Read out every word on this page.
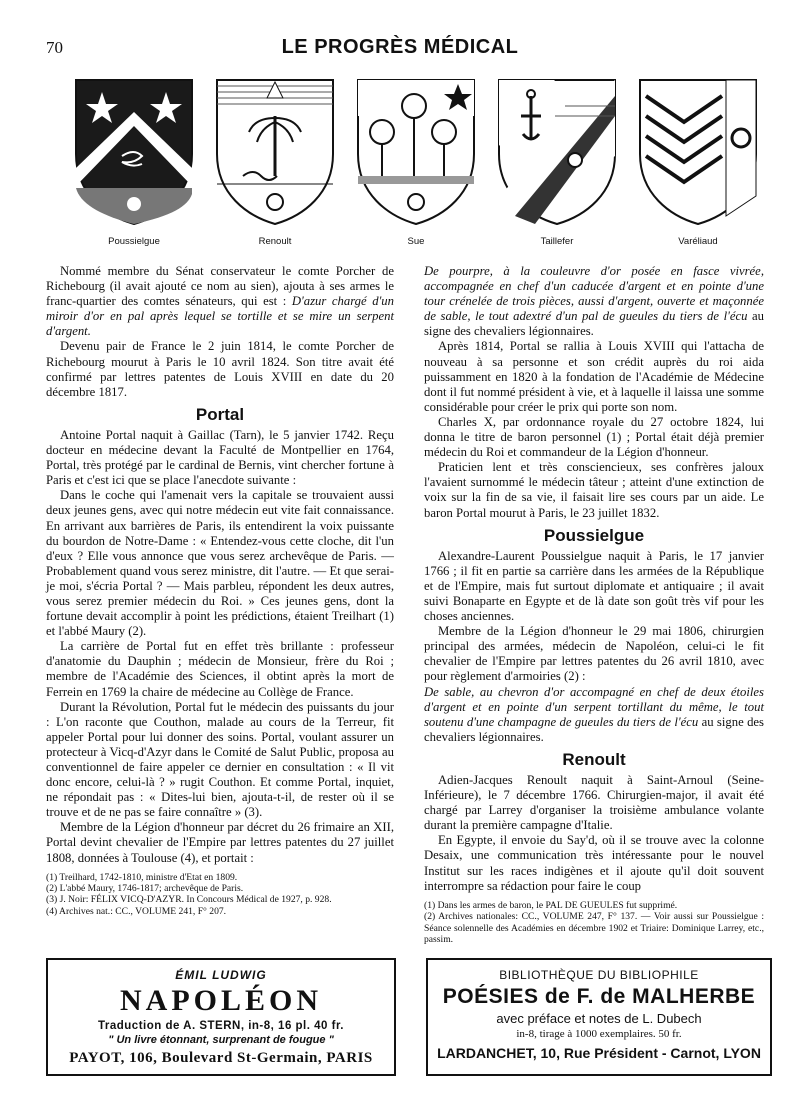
70	LE PROGRÈS MÉDICAL
Poussielgue	Renoult	Sue	Taillefer	Varéliaud

Nommé membre du Sénat conservateur le comte Porcher de Richebourg (il avait ajouté ce nom au sien), ajouta à ses armes le franc-quartier des comtes sénateurs, qui est : D'azur chargé d'un miroir d'or en pal après lequel se tortille et se mire un serpent d'argent.

Devenu pair de France le 2 juin 1814, le comte Porcher de Richebourg mourut à Paris le 10 avril 1824. Son titre avait été confirmé par lettres patentes de Louis XVIII en date du 20 décembre 1817.

Portal

Antoine Portal naquit à Gaillac (Tarn), le 5 janvier 1742. Reçu docteur en médecine devant la Faculté de Montpellier en 1764, Portal, très protégé par le cardinal de Bernis, vint chercher fortune à Paris et c'est ici que se place l'anecdote suivante :

Dans le coche qui l'amenait vers la capitale se trouvaient aussi deux jeunes gens, avec qui notre médecin eut vite fait connaissance. En arrivant aux barrières de Paris, ils entendirent la voix puissante du bourdon de Notre-Dame : « Entendez-vous cette cloche, dit l'un d'eux ? Elle vous annonce que vous serez archevêque de Paris. — Probablement quand vous serez ministre, dit l'autre. — Et que serai-je moi, s'écria Portal ? — Mais parbleu, répondent les deux autres, vous serez premier médecin du Roi. » Ces jeunes gens, dont la fortune devait accomplir à point les prédictions, étaient Treilhart (1) et l'abbé Maury (2).

La carrière de Portal fut en effet très brillante : professeur d'anatomie du Dauphin ; médecin de Monsieur, frère du Roi ; membre de l'Académie des Sciences, il obtint après la mort de Ferrein en 1769 la chaire de médecine au Collège de France.

Durant la Révolution, Portal fut le médecin des puissants du jour : L'on raconte que Couthon, malade au cours de la Terreur, fit appeler Portal pour lui donner des soins. Portal, voulant assurer un protecteur à Vicq-d'Azyr dans le Comité de Salut Public, proposa au conventionnel de faire appeler ce dernier en consultation : « Il vit donc encore, celui-là ? » rugit Couthon. Et comme Portal, inquiet, ne répondait pas : « Dites-lui bien, ajouta-t-il, de rester où il se trouve et de ne pas se faire connaître » (3).

Membre de la Légion d'honneur par décret du 26 frimaire an XII, Portal devint chevalier de l'Empire par lettres patentes du 27 juillet 1808, données à Toulouse (4), et portait :

(1) Treilhard, 1742-1810, ministre d'Etat en 1809.
(2) L'abbé Maury, 1746-1817; archevêque de Paris.
(3) J. Noir: FÉLIX VICQ-D'AZYR. In Concours Médical de 1927, p. 928.
(4) Archives nat.: CC., VOLUME 241, F° 207.

De pourpre, à la couleuvre d'or posée en fasce vivrée, accompagnée en chef d'un caducée d'argent et en pointe d'une tour crénelée de trois pièces, aussi d'argent, ouverte et maçonnée de sable, le tout adextré d'un pal de gueules du tiers de l'écu au signe des chevaliers légionnaires.

Après 1814, Portal se rallia à Louis XVIII qui l'attacha de nouveau à sa personne et son crédit auprès du roi aida puissamment en 1820 à la fondation de l'Académie de Médecine dont il fut nommé président à vie, et à laquelle il laissa une somme considérable pour créer le prix qui porte son nom.

Charles X, par ordonnance royale du 27 octobre 1824, lui donna le titre de baron personnel (1) ; Portal était déjà premier médecin du Roi et commandeur de la Légion d'honneur.

Praticien lent et très consciencieux, ses confrères jaloux l'avaient surnommé le médecin tâteur ; atteint d'une extinction de voix sur la fin de sa vie, il faisait lire ses cours par un aide. Le baron Portal mourut à Paris, le 23 juillet 1832.

Poussielgue

Alexandre-Laurent Poussielgue naquit à Paris, le 17 janvier 1766 ; il fit en partie sa carrière dans les armées de la République et de l'Empire, mais fut surtout diplomate et antiquaire ; il avait suivi Bonaparte en Egypte et de là date son goût très vif pour les choses anciennes.

Membre de la Légion d'honneur le 29 mai 1806, chirurgien principal des armées, médecin de Napoléon, celui-ci le fit chevalier de l'Empire par lettres patentes du 26 avril 1810, avec pour règlement d'armoiries (2) :

De sable, au chevron d'or accompagné en chef de deux étoiles d'argent et en pointe d'un serpent tortillant du même, le tout soutenu d'une champagne de gueules du tiers de l'écu au signe des chevaliers légionnaires.

Renoult

Adien-Jacques Renoult naquit à Saint-Arnoul (Seine-Inférieure), le 7 décembre 1766. Chirurgien-major, il avait été chargé par Larrey d'organiser la troisième ambulance volante durant la première campagne d'Italie.

En Egypte, il envoie du Say'd, où il se trouve avec la colonne Desaix, une communication très intéressante pour le nouvel Institut sur les races indigènes et il ajoute qu'il doit souvent interrompre sa rédaction pour faire le coup

(1) Dans les armes de baron, le PAL DE GUEULES fut supprimé.
(2) Archives nationales: CC., VOLUME 247, F° 137. — Voir aussi sur Poussielgue : Séance solennelle des Académies en décembre 1902 et Triaire: Dominique Larrey, etc., passim.
ÉMIL LUDWIG
NAPOLÉON
Traduction de A. STERN, in-8, 16 pl. 40 fr.
" Un livre étonnant, surprenant de fougue "
PAYOT, 106, Boulevard St-Germain, PARIS
BIBLIOTHÈQUE DU BIBLIOPHILE
POÉSIES de F. de MALHERBE
avec préface et notes de L. Dubech
in-8, tirage à 1000 exemplaires. 50 fr.
LARDANCHET, 10, Rue Président - Carnot, LYON
